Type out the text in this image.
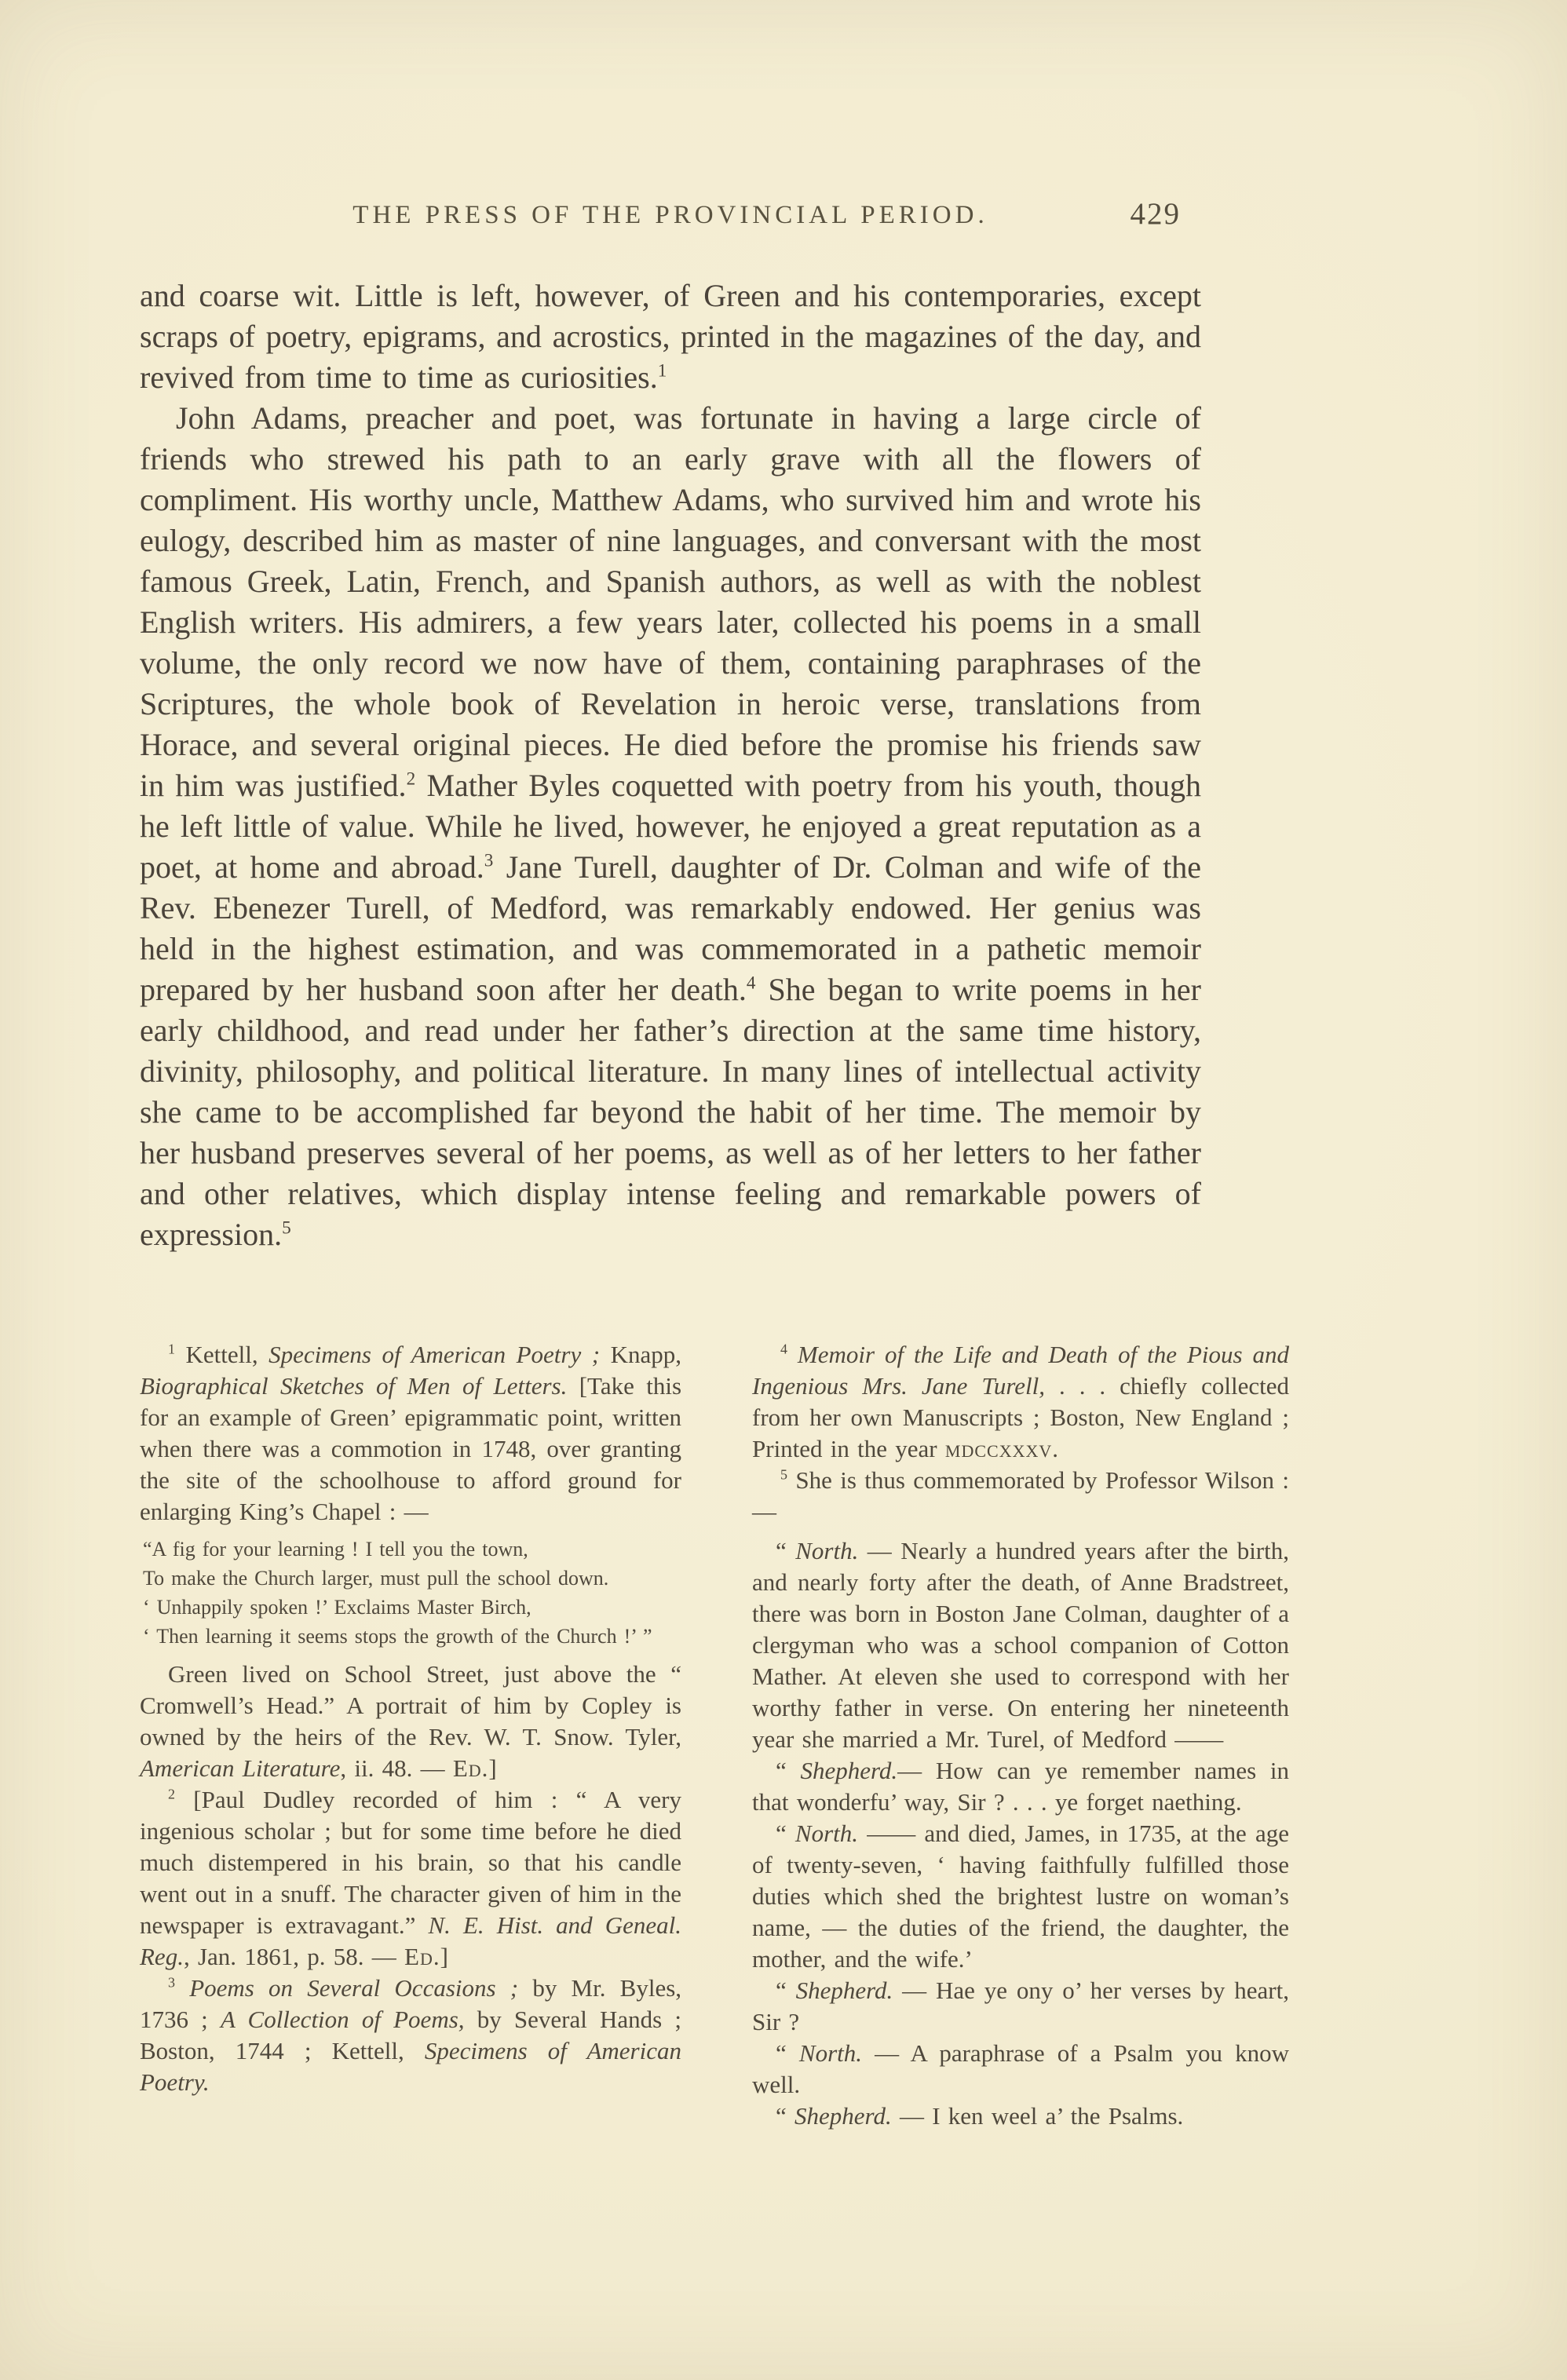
THE PRESS OF THE PROVINCIAL PERIOD.	429

and coarse wit. Little is left, however, of Green and his contemporaries, except scraps of poetry, epigrams, and acrostics, printed in the magazines of the day, and revived from time to time as curiosities.$^1$

John Adams, preacher and poet, was fortunate in having a large circle of friends who strewed his path to an early grave with all the flowers of compliment. His worthy uncle, Matthew Adams, who survived him and wrote his eulogy, described him as master of nine languages, and conversant with the most famous Greek, Latin, French, and Spanish authors, as well as with the noblest English writers. His admirers, a few years later, collected his poems in a small volume, the only record we now have of them, containing paraphrases of the Scriptures, the whole book of Revelation in heroic verse, translations from Horace, and several original pieces. He died before the promise his friends saw in him was justified.$^2$ Mather Byles coquetted with poetry from his youth, though he left little of value. While he lived, however, he enjoyed a great reputation as a poet, at home and abroad.$^3$ Jane Turell, daughter of Dr. Colman and wife of the Rev. Ebenezer Turell, of Medford, was remarkably endowed. Her genius was held in the highest estimation, and was commemorated in a pathetic memoir prepared by her husband soon after her death.$^4$ She began to write poems in her early childhood, and read under her father’s direction at the same time history, divinity, philosophy, and political literature. In many lines of intellectual activity she came to be accomplished far beyond the habit of her time. The memoir by her husband preserves several of her poems, as well as of her letters to her father and other relatives, which display intense feeling and remarkable powers of expression.$^5$

$^1$ Kettell, Specimens of American Poetry ; Knapp, Biographical Sketches of Men of Letters. [Take this for an example of Green’ epigrammatic point, written when there was a commotion in 1748, over granting the site of the schoolhouse to afford ground for enlarging King’s Chapel : —

“A fig for your learning ! I tell you the town,
To make the Church larger, must pull the school down.
‘ Unhappily spoken !’ Exclaims Master Birch,
‘ Then learning it seems stops the growth of the Church !’ ”

Green lived on School Street, just above the “ Cromwell’s Head.” A portrait of him by Copley is owned by the heirs of the Rev. W. T. Snow. Tyler, American Literature, ii. 48. — Ed.]

$^2$ [Paul Dudley recorded of him : “ A very ingenious scholar ; but for some time before he died much distempered in his brain, so that his candle went out in a snuff. The character given of him in the newspaper is extravagant.” N. E. Hist. and Geneal. Reg., Jan. 1861, p. 58. — Ed.]

$^3$ Poems on Several Occasions ; by Mr. Byles, 1736 ; A Collection of Poems, by Several Hands ; Boston, 1744 ; Kettell, Specimens of American Poetry.

$^4$ Memoir of the Life and Death of the Pious and Ingenious Mrs. Jane Turell, . . . chiefly collected from her own Manuscripts ; Boston, New England ; Printed in the year mdccxxxv.

$^5$ She is thus commemorated by Professor Wilson : —

“ North. — Nearly a hundred years after the birth, and nearly forty after the death, of Anne Bradstreet, there was born in Boston Jane Colman, daughter of a clergyman who was a school companion of Cotton Mather. At eleven she used to correspond with her worthy father in verse. On entering her nineteenth year she married a Mr. Turel, of Medford ——

“ Shepherd.— How can ye remember names in that wonderfu’ way, Sir ? . . . ye forget naething.

“ North. —— and died, James, in 1735, at the age of twenty-seven, ‘ having faithfully fulfilled those duties which shed the brightest lustre on woman’s name, — the duties of the friend, the daughter, the mother, and the wife.’

“ Shepherd. — Hae ye ony o’ her verses by heart, Sir ?

“ North. — A paraphrase of a Psalm you know well.

“ Shepherd. — I ken weel a’ the Psalms.
